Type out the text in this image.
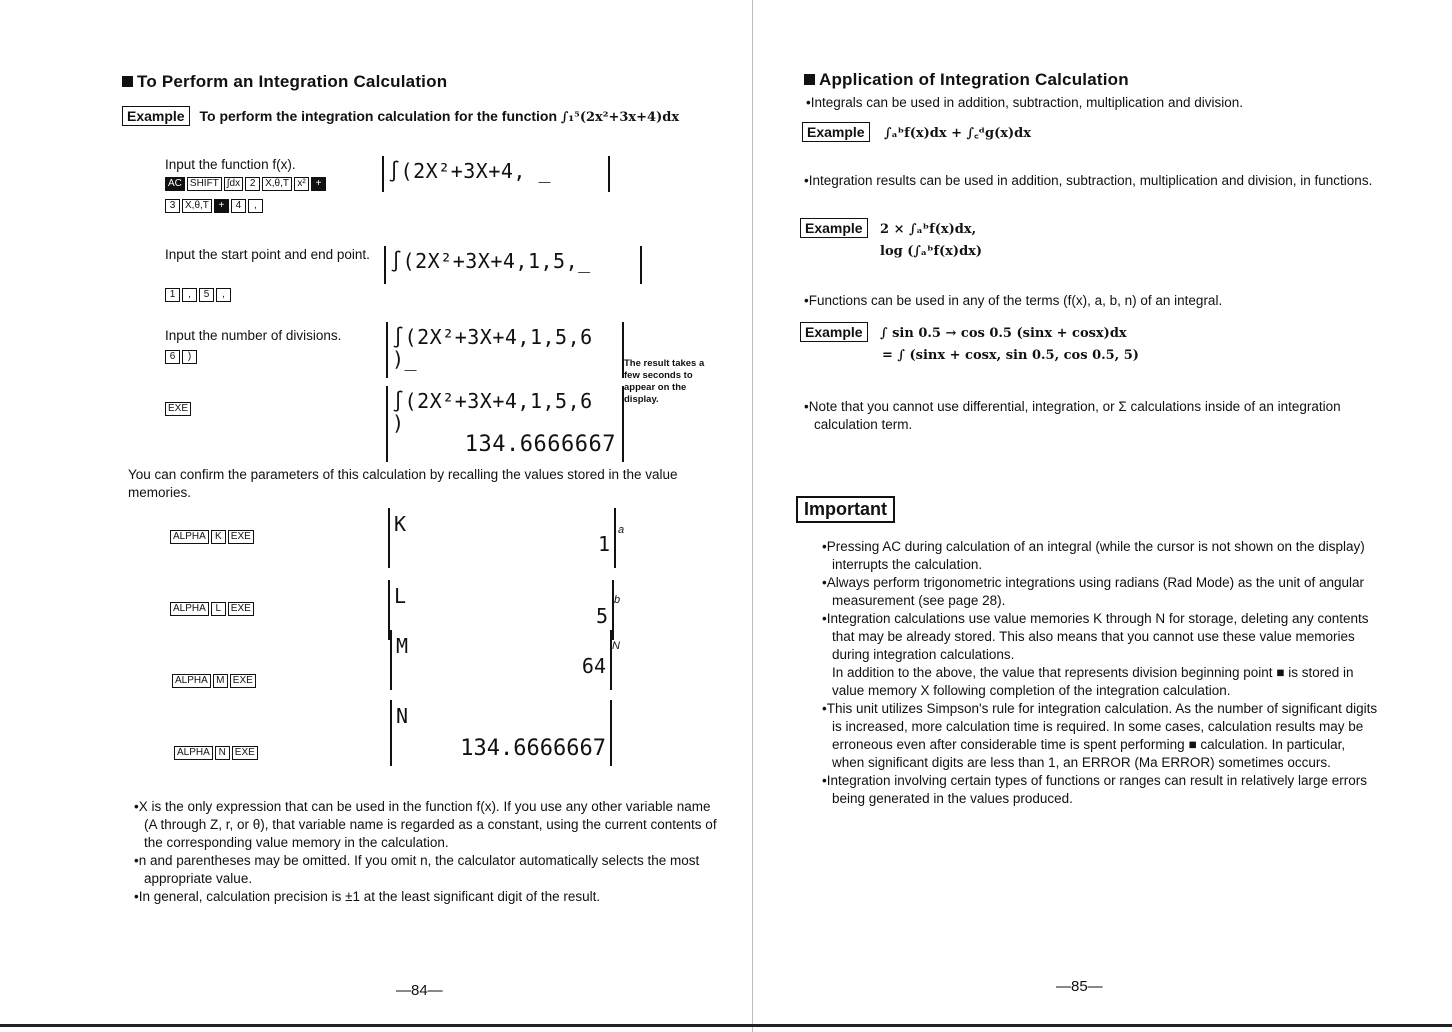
To Perform an Integration Calculation
Example To perform the integration calculation for the function ∫₁⁵(2x²+3x+4)dx
Input the function f(x).
AC SHIFT ∫dx 2 X,θ,T x² +
3 X,θ,T + 4 ,
∫(2X²+3X+4, _
Input the start point and end point.
1 , 5 ,
∫(2X²+3X+4,1,5,_
Input the number of divisions.
6 )
∫(2X²+3X+4,1,5,6
)_	The result takes a few seconds to appear on the display.
EXE	∫(2X²+3X+4,1,5,6
)
134.6666667
You can confirm the parameters of this calculation by recalling the values stored in the value memories.
ALPHA K EXE
K
1
a
ALPHA L EXE
L
5
b
ALPHA M EXE
M
64
N
ALPHA N EXE
N
134.6666667

•X is the only expression that can be used in the function f(x). If you use any other variable name (A through Z, r, or θ), that variable name is regarded as a constant, using the current contents of the corresponding value memory in the calculation.

•n and parentheses may be omitted. If you omit n, the calculator automatically selects the most appropriate value.

•In general, calculation precision is ±1 at the least significant digit of the result.

—84—
Application of Integration Calculation

•Integrals can be used in addition, subtraction, multiplication and division.

Example ∫ₐᵇf(x)dx + ∫꜀ᵈg(x)dx

•Integration results can be used in addition, subtraction, multiplication and division, in functions.

Example 2 × ∫ₐᵇf(x)dx,
log (∫ₐᵇf(x)dx)

•Functions can be used in any of the terms (f(x), a, b, n) of an integral.

Example ∫ sin 0.5 → cos 0.5 (sinx + cosx)dx
= ∫ (sinx + cosx, sin 0.5, cos 0.5, 5)

•Note that you cannot use differential, integration, or Σ calculations inside of an integration calculation term.

Important

•Pressing AC during calculation of an integral (while the cursor is not shown on the display) interrupts the calculation.

•Always perform trigonometric integrations using radians (Rad Mode) as the unit of angular measurement (see page 28).

•Integration calculations use value memories K through N for storage, deleting any contents that may be already stored. This also means that you cannot use these value memories during integration calculations.

In addition to the above, the value that represents division beginning point ■ is stored in value memory X following completion of the integration calculation.

•This unit utilizes Simpson's rule for integration calculation. As the number of significant digits is increased, more calculation time is required. In some cases, calculation results may be erroneous even after considerable time is spent performing ■ calculation. In particular, when significant digits are less than 1, an ERROR (Ma ERROR) sometimes occurs.

•Integration involving certain types of functions or ranges can result in relatively large errors being generated in the values produced.

—85—
